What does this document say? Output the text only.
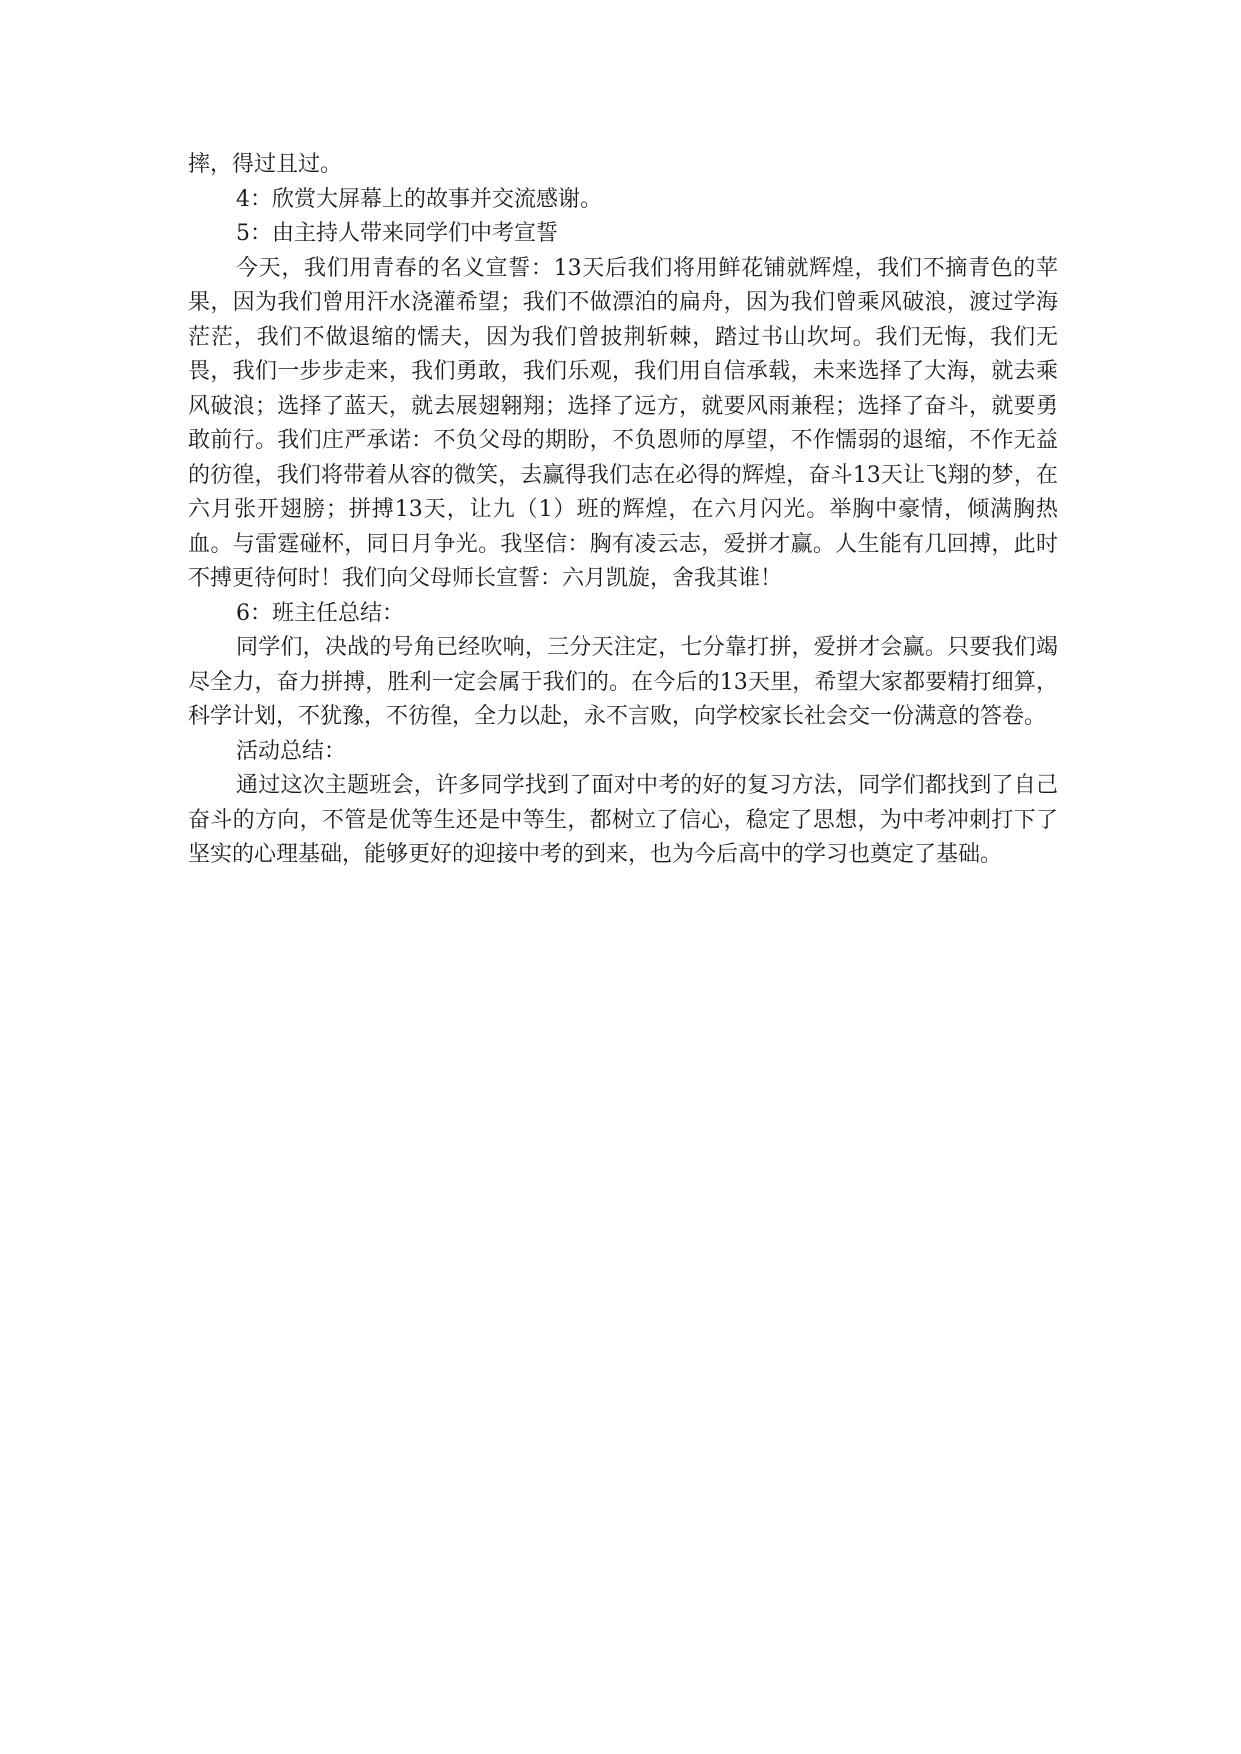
摔，得过且过。

4：欣赏大屏幕上的故事并交流感谢。

5：由主持人带来同学们中考宣誓

今天，我们用青春的名义宣誓：13天后我们将用鲜花铺就辉煌，我们不摘青色的苹果，因为我们曾用汗水浇灌希望；我们不做漂泊的扁舟，因为我们曾乘风破浪，渡过学海茫茫，我们不做退缩的懦夫，因为我们曾披荆斩棘，踏过书山坎坷。我们无悔，我们无畏，我们一步步走来，我们勇敢，我们乐观，我们用自信承载，未来选择了大海，就去乘风破浪；选择了蓝天，就去展翅翱翔；选择了远方，就要风雨兼程；选择了奋斗，就要勇敢前行。我们庄严承诺：不负父母的期盼，不负恩师的厚望，不作懦弱的退缩，不作无益的彷徨，我们将带着从容的微笑，去赢得我们志在必得的辉煌，奋斗13天让飞翔的梦，在六月张开翅膀；拼搏13天，让九（1）班的辉煌，在六月闪光。举胸中豪情，倾满胸热血。与雷霆碰杯，同日月争光。我坚信：胸有凌云志，爱拼才赢。人生能有几回搏，此时不搏更待何时！我们向父母师长宣誓：六月凯旋，舍我其谁！

6：班主任总结：

同学们，决战的号角已经吹响，三分天注定，七分靠打拼，爱拼才会赢。只要我们竭尽全力，奋力拼搏，胜利一定会属于我们的。在今后的13天里，希望大家都要精打细算，科学计划，不犹豫，不彷徨，全力以赴，永不言败，向学校家长社会交一份满意的答卷。

活动总结：

通过这次主题班会，许多同学找到了面对中考的好的复习方法，同学们都找到了自己奋斗的方向，不管是优等生还是中等生，都树立了信心，稳定了思想，为中考冲刺打下了坚实的心理基础，能够更好的迎接中考的到来，也为今后高中的学习也奠定了基础。
